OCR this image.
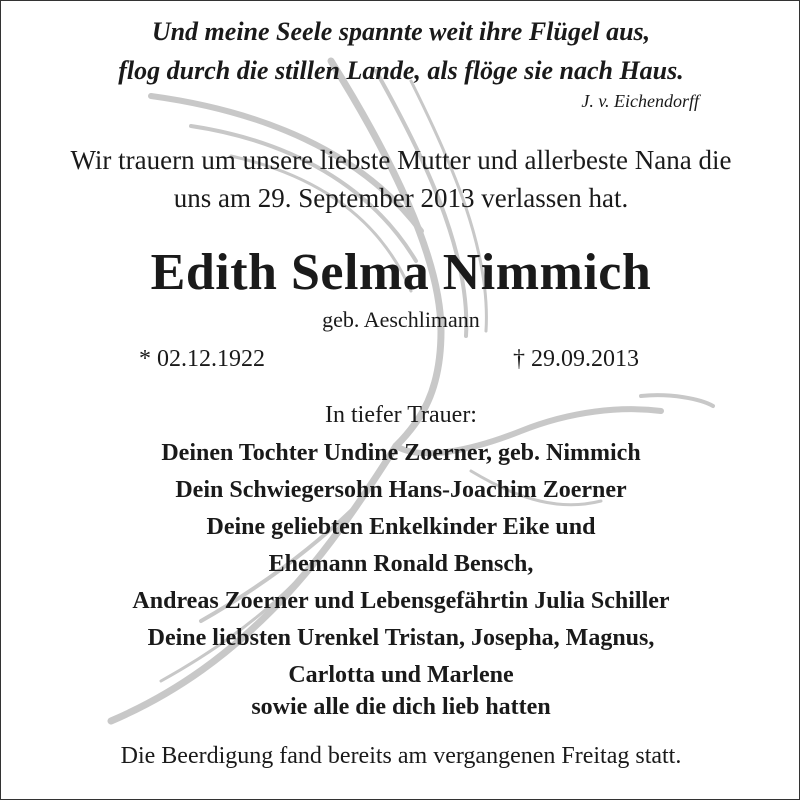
Und meine Seele spannte weit ihre Flügel aus,
flog durch die stillen Lande, als flöge sie nach Haus.
J. v. Eichendorff
Wir trauern um unsere liebste Mutter und allerbeste Nana die
uns am 29. September 2013 verlassen hat.
Edith Selma Nimmich
geb. Aeschlimann
* 02.12.1922	† 29.09.2013
In tiefer Trauer:
Deinen Tochter Undine Zoerner, geb. Nimmich
Dein Schwiegersohn Hans-Joachim Zoerner
Deine geliebten Enkelkinder Eike und
Ehemann Ronald Bensch,
Andreas Zoerner und Lebensgefährtin Julia Schiller
Deine liebsten Urenkel Tristan, Josepha, Magnus,
Carlotta und Marlene
sowie alle die dich lieb hatten
Die Beerdigung fand bereits am vergangenen Freitag statt.
